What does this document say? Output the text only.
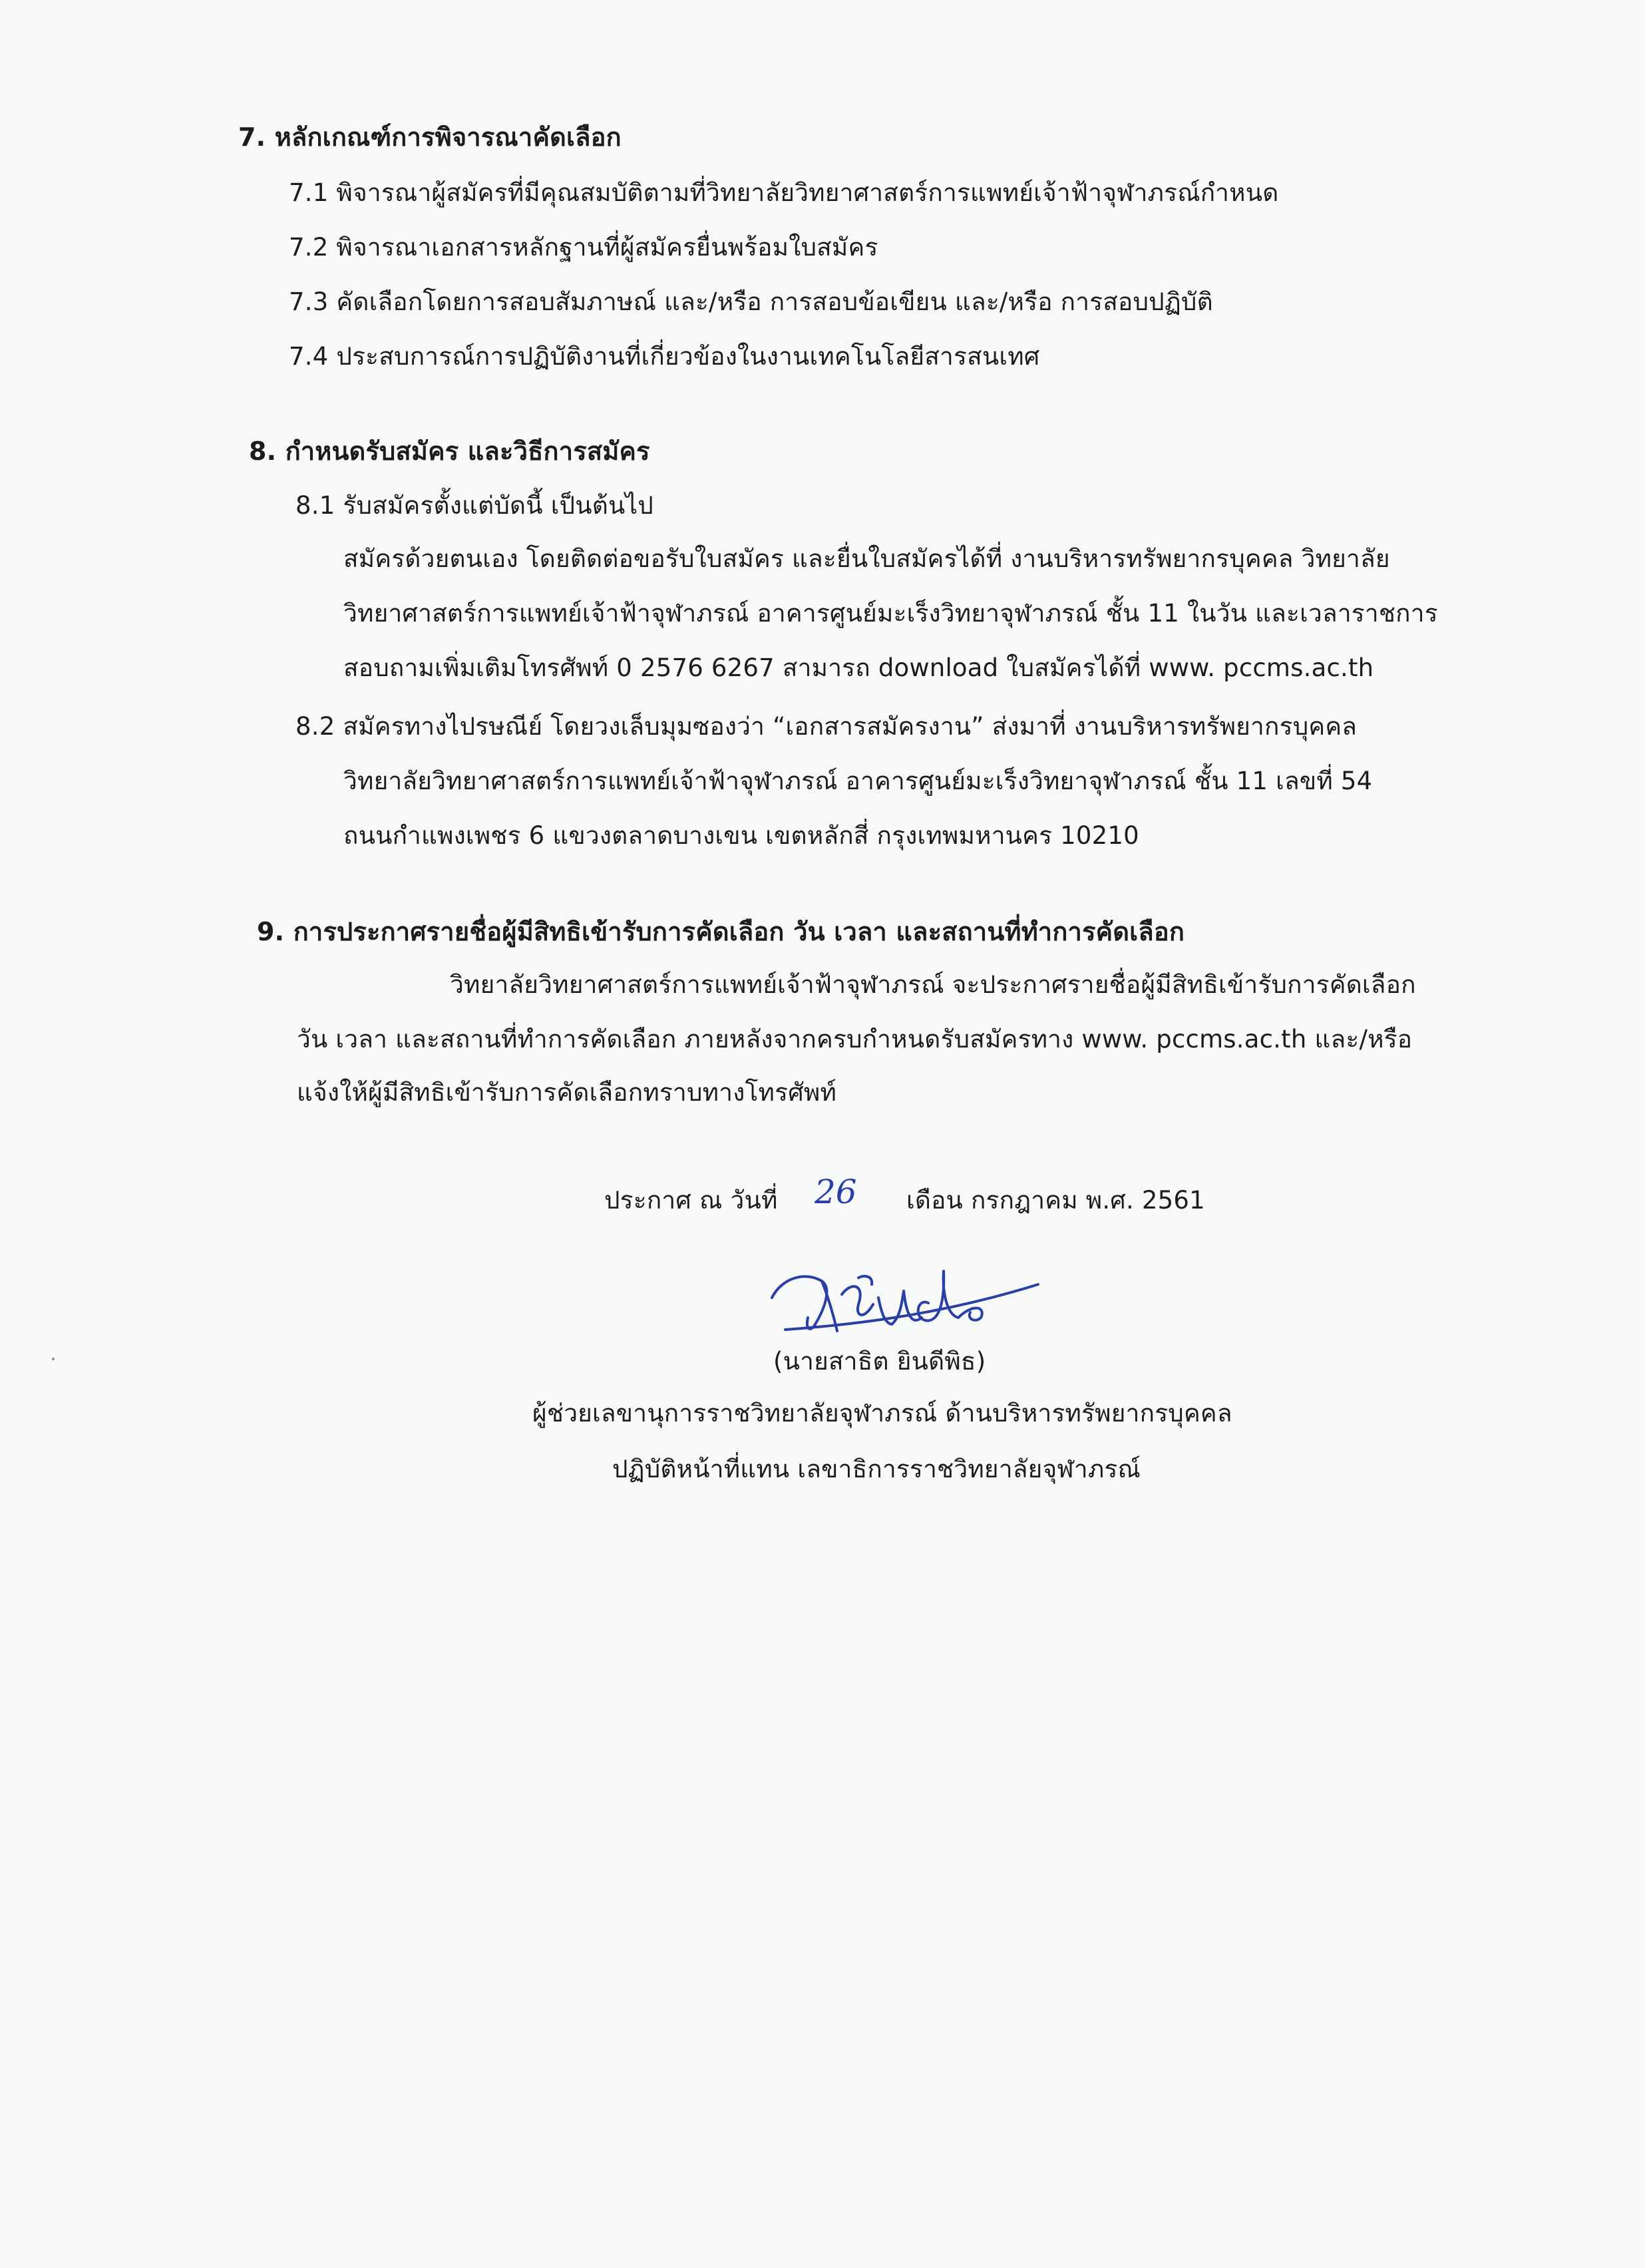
7. หลักเกณฑ์การพิจารณาคัดเลือก
7.1 พิจารณาผู้สมัครที่มีคุณสมบัติตามที่วิทยาลัยวิทยาศาสตร์การแพทย์เจ้าฟ้าจุฬาภรณ์กำหนด
7.2 พิจารณาเอกสารหลักฐานที่ผู้สมัครยื่นพร้อมใบสมัคร
7.3 คัดเลือกโดยการสอบสัมภาษณ์ และ/หรือ การสอบข้อเขียน และ/หรือ การสอบปฏิบัติ
7.4 ประสบการณ์การปฏิบัติงานที่เกี่ยวข้องในงานเทคโนโลยีสารสนเทศ
8. กำหนดรับสมัคร และวิธีการสมัคร
8.1 รับสมัครตั้งแต่บัดนี้ เป็นต้นไป
สมัครด้วยตนเอง โดยติดต่อขอรับใบสมัคร และยื่นใบสมัครได้ที่ งานบริหารทรัพยากรบุคคล วิทยาลัย
วิทยาศาสตร์การแพทย์เจ้าฟ้าจุฬาภรณ์ อาคารศูนย์มะเร็งวิทยาจุฬาภรณ์ ชั้น 11 ในวัน และเวลาราชการ
สอบถามเพิ่มเติมโทรศัพท์ 0 2576 6267 สามารถ download ใบสมัครได้ที่ www. pccms.ac.th
8.2 สมัครทางไปรษณีย์ โดยวงเล็บมุมซองว่า “เอกสารสมัครงาน” ส่งมาที่ งานบริหารทรัพยากรบุคคล
วิทยาลัยวิทยาศาสตร์การแพทย์เจ้าฟ้าจุฬาภรณ์ อาคารศูนย์มะเร็งวิทยาจุฬาภรณ์ ชั้น 11 เลขที่ 54
ถนนกำแพงเพชร 6 แขวงตลาดบางเขน เขตหลักสี่ กรุงเทพมหานคร 10210
9. การประกาศรายชื่อผู้มีสิทธิเข้ารับการคัดเลือก วัน เวลา และสถานที่ทำการคัดเลือก
วิทยาลัยวิทยาศาสตร์การแพทย์เจ้าฟ้าจุฬาภรณ์ จะประกาศรายชื่อผู้มีสิทธิเข้ารับการคัดเลือก
วัน เวลา และสถานที่ทำการคัดเลือก ภายหลังจากครบกำหนดรับสมัครทาง www. pccms.ac.th และ/หรือ
แจ้งให้ผู้มีสิทธิเข้ารับการคัดเลือกทราบทางโทรศัพท์
ประกาศ ณ วันที่ 26 เดือน กรกฎาคม พ.ศ. 2561
(นายสาธิต ยินดีพิธ)
ผู้ช่วยเลขานุการราชวิทยาลัยจุฬาภรณ์ ด้านบริหารทรัพยากรบุคคล
ปฏิบัติหน้าที่แทน เลขาธิการราชวิทยาลัยจุฬาภรณ์
